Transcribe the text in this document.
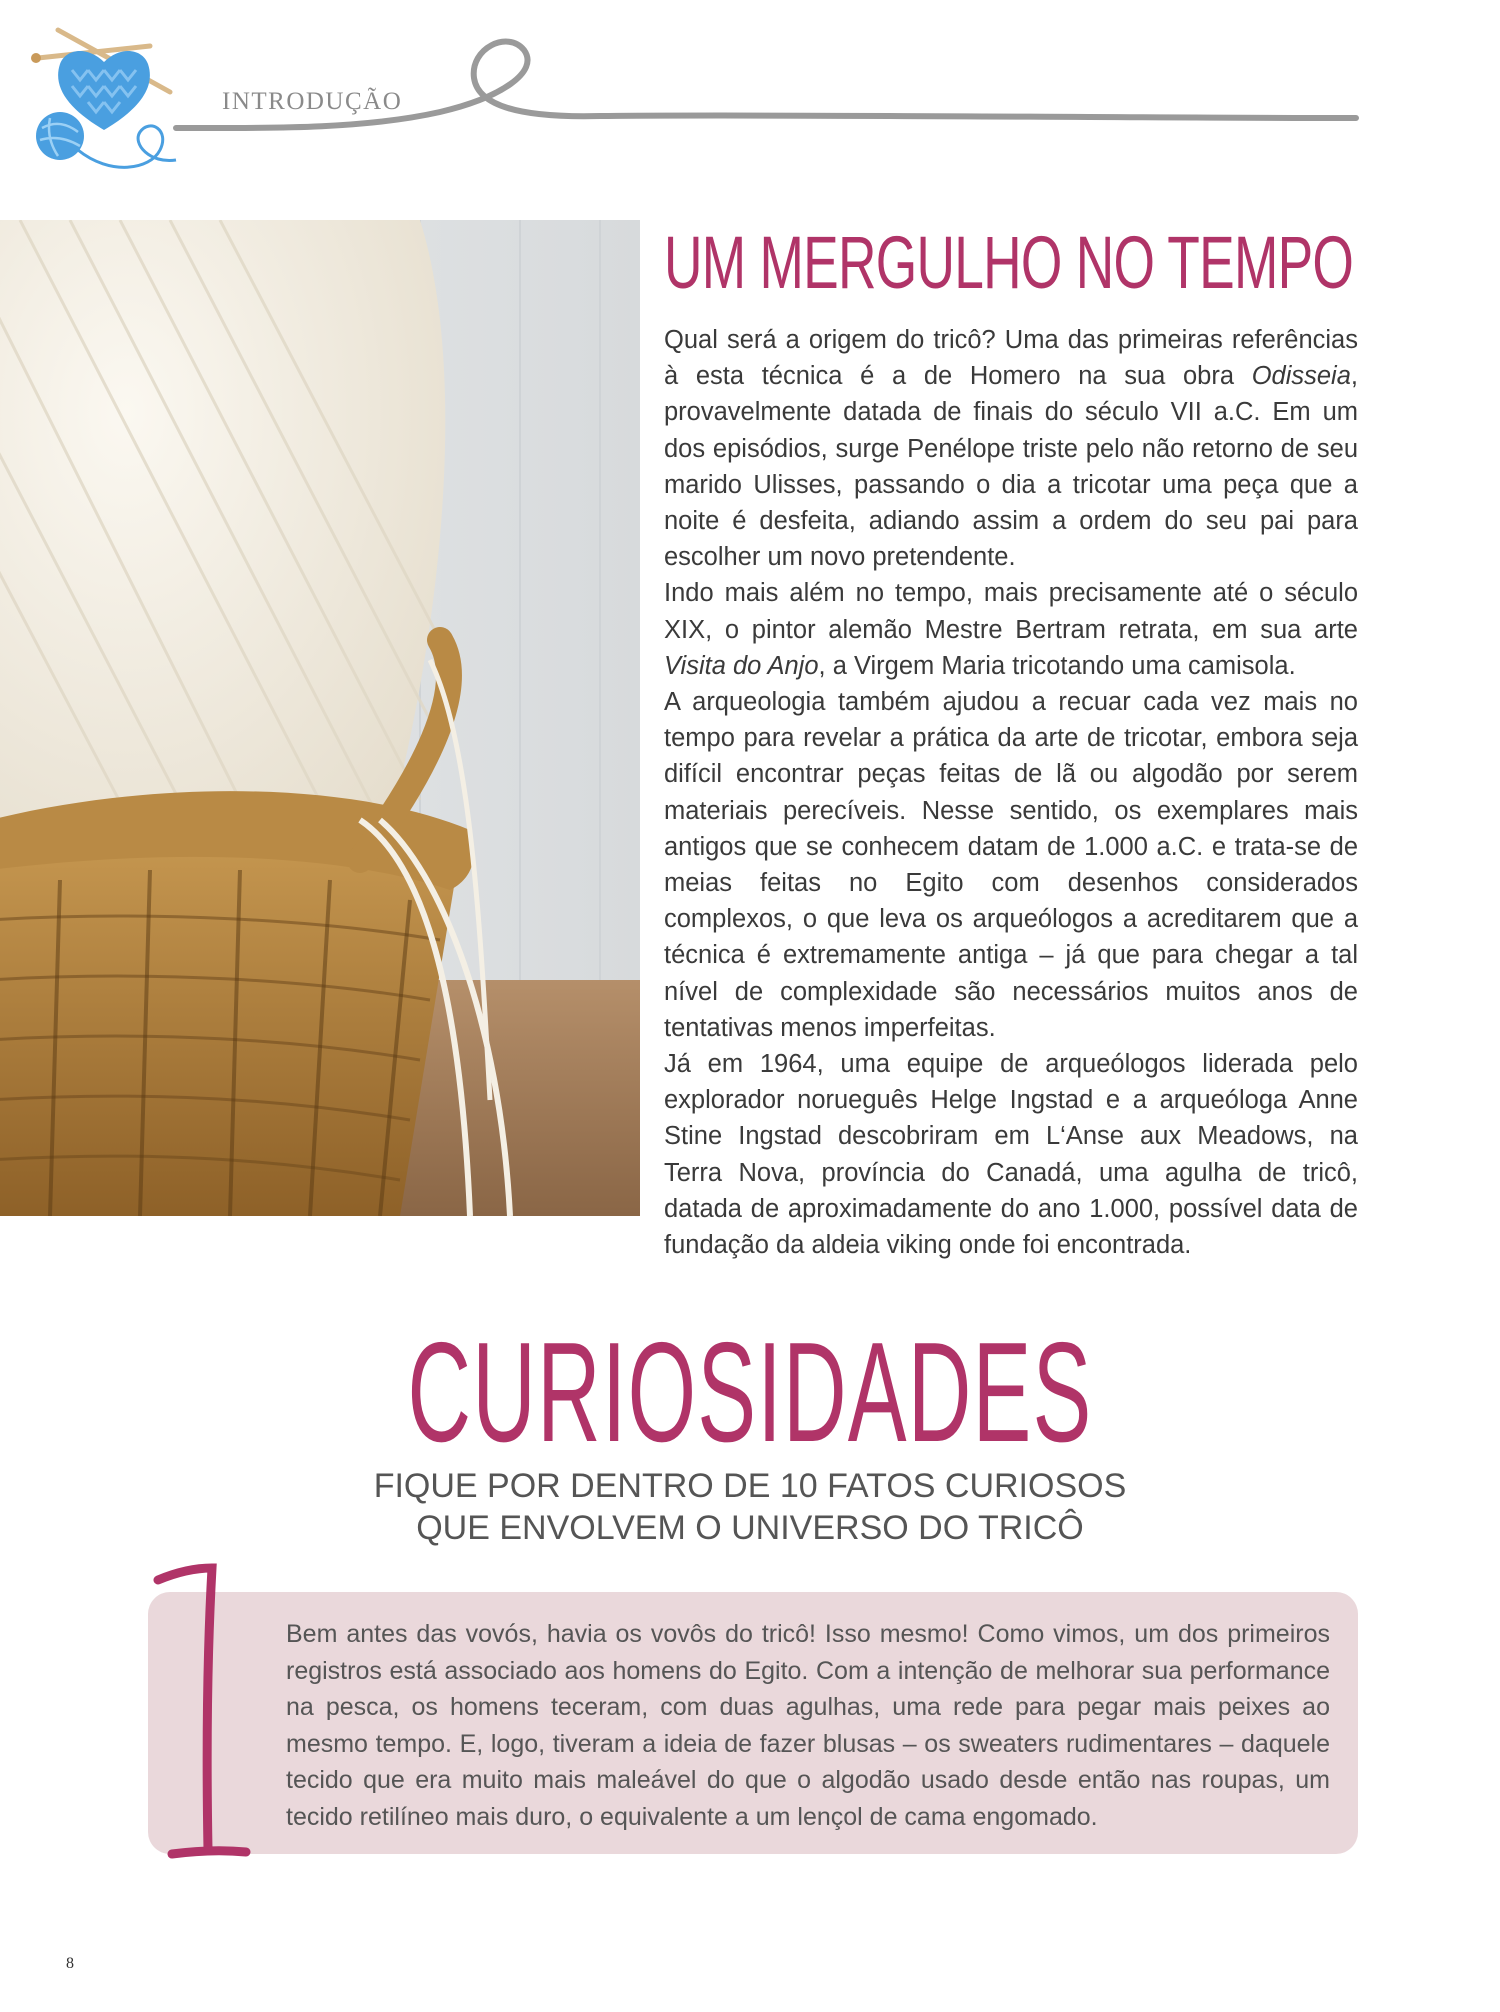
INTRODUÇÃO
UM MERGULHO NO TEMPO

Qual será a origem do tricô? Uma das primeiras referências à esta técnica é a de Homero na sua obra Odisseia, provavelmente datada de finais do século VII a.C. Em um dos episódios, surge Penélope triste pelo não retorno de seu marido Ulisses, passando o dia a tricotar uma peça que a noite é desfeita, adiando assim a ordem do seu pai para escolher um novo pretendente.

Indo mais além no tempo, mais precisamente até o século XIX, o pintor alemão Mestre Bertram retrata, em sua arte Visita do Anjo, a Virgem Maria tricotando uma camisola.

A arqueologia também ajudou a recuar cada vez mais no tempo para revelar a prática da arte de tricotar, embora seja difícil encontrar peças feitas de lã ou algodão por serem materiais perecíveis. Nesse sentido, os exemplares mais antigos que se conhecem datam de 1.000 a.C. e trata-se de meias feitas no Egito com desenhos considerados complexos, o que leva os arqueólogos a acreditarem que a técnica é extremamente antiga – já que para chegar a tal nível de complexidade são necessários muitos anos de tentativas menos imperfeitas.

Já em 1964, uma equipe de arqueólogos liderada pelo explorador norueguês Helge Ingstad e a arqueóloga Anne Stine Ingstad descobriram em L‘Anse aux Meadows, na Terra Nova, província do Canadá, uma agulha de tricô, datada de aproximadamente do ano 1.000, possível data de fundação da aldeia viking onde foi encontrada.

CURIOSIDADES
FIQUE POR DENTRO DE 10 FATOS CURIOSOS
QUE ENVOLVEM O UNIVERSO DO TRICÔ
Bem antes das vovós, havia os vovôs do tricô! Isso mesmo! Como vimos, um dos primeiros registros está associado aos homens do Egito. Com a intenção de melhorar sua performance na pesca, os homens teceram, com duas agulhas, uma rede para pegar mais peixes ao mesmo tempo. E, logo, tiveram a ideia de fazer blusas – os sweaters rudimentares – daquele tecido que era muito mais maleável do que o algodão usado desde então nas roupas, um tecido retilíneo mais duro, o equivalente a um lençol de cama engomado.
8
